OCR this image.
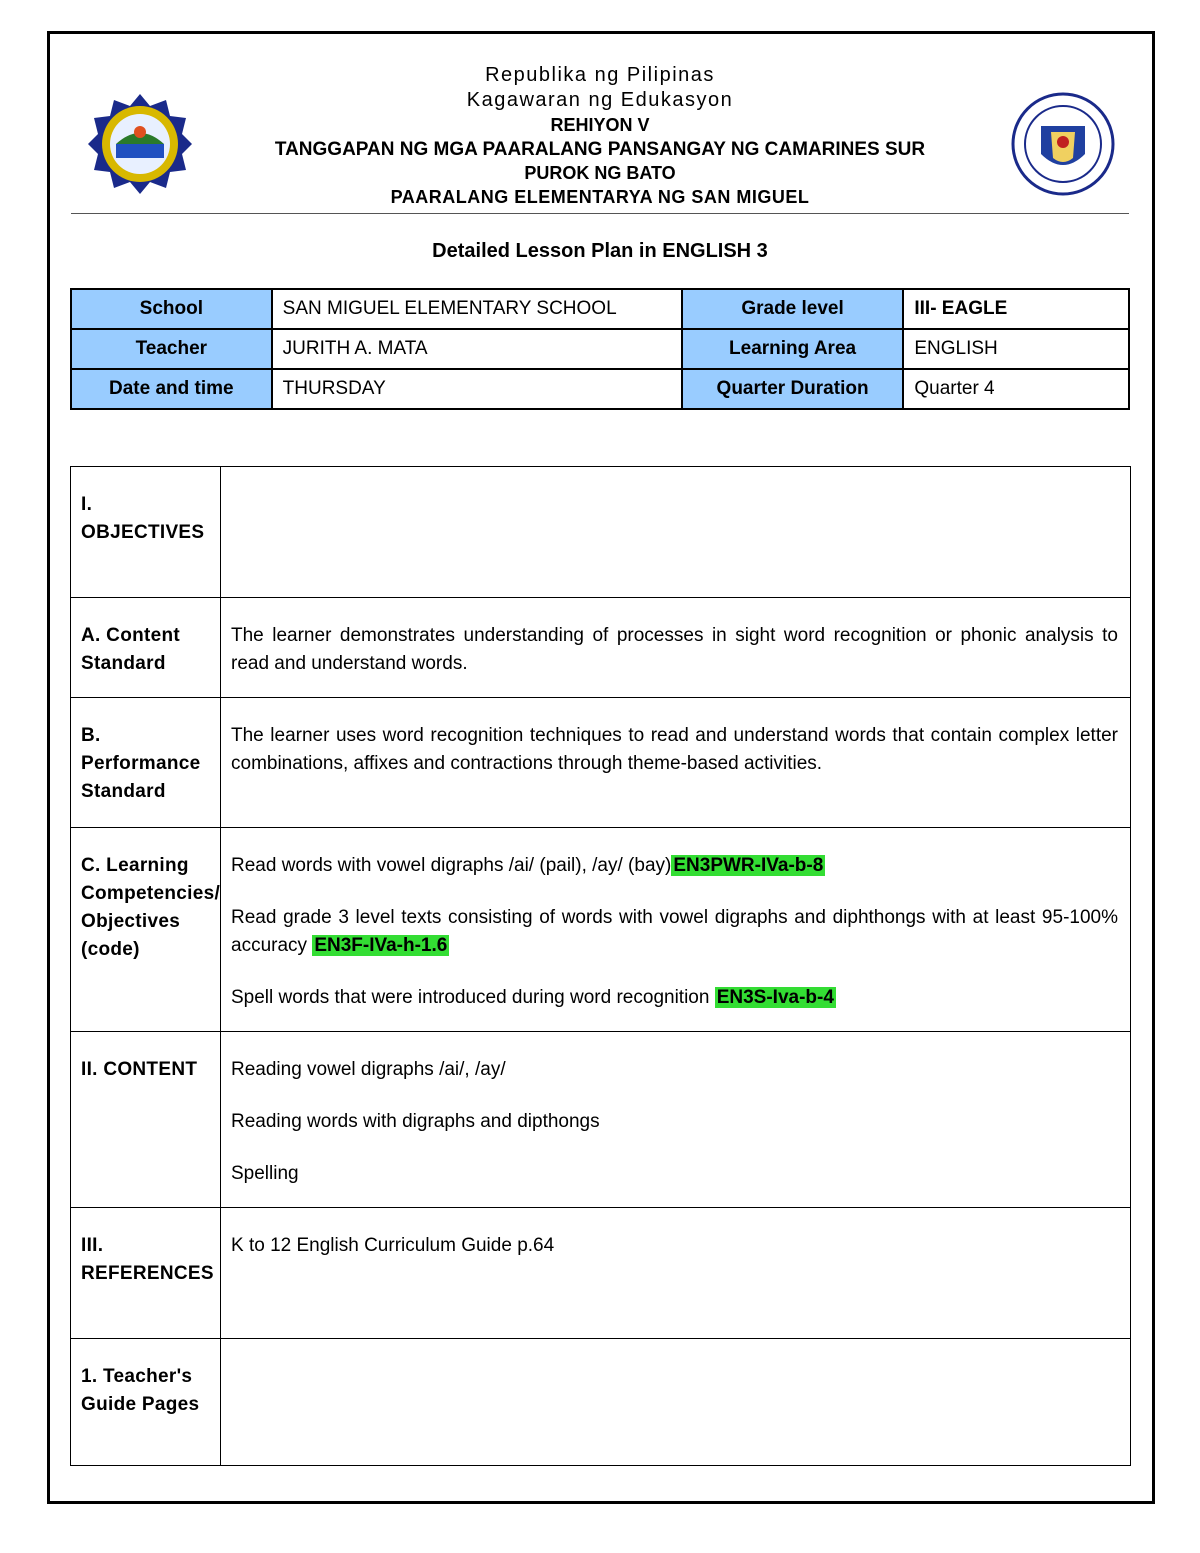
Republika ng Pilipinas
Kagawaran ng Edukasyon
REHIYON V
TANGGAPAN NG MGA PAARALANG PANSANGAY NG CAMARINES SUR
PUROK NG BATO
PAARALANG ELEMENTARYA NG SAN MIGUEL
Detailed Lesson Plan in ENGLISH 3
School	SAN MIGUEL ELEMENTARY SCHOOL	Grade level	III- EAGLE
Teacher	JURITH A. MATA	Learning Area	ENGLISH
Date and time	THURSDAY	Quarter Duration	Quarter 4
I. OBJECTIVES	
A. Content Standard	The learner demonstrates understanding of processes in sight word recognition or phonic analysis to read and understand words.
B. Performance Standard	The learner uses word recognition techniques to read and understand words that contain complex letter combinations, affixes and contractions through theme-based activities.
C. Learning Competencies/ Objectives (code)	Read words with vowel digraphs /ai/ (pail), /ay/ (bay) EN3PWR-IVa-b-8

Read grade 3 level texts consisting of words with vowel digraphs and diphthongs with at least 95-100% accuracy EN3F-IVa-h-1.6

Spell words that were introduced during word recognition EN3S-Iva-b-4

II. CONTENT	Reading vowel digraphs /ai/, /ay/

Reading words with digraphs and dipthongs

Spelling

III. REFERENCES	K to 12 English Curriculum Guide p.64
1. Teacher's Guide Pages	
